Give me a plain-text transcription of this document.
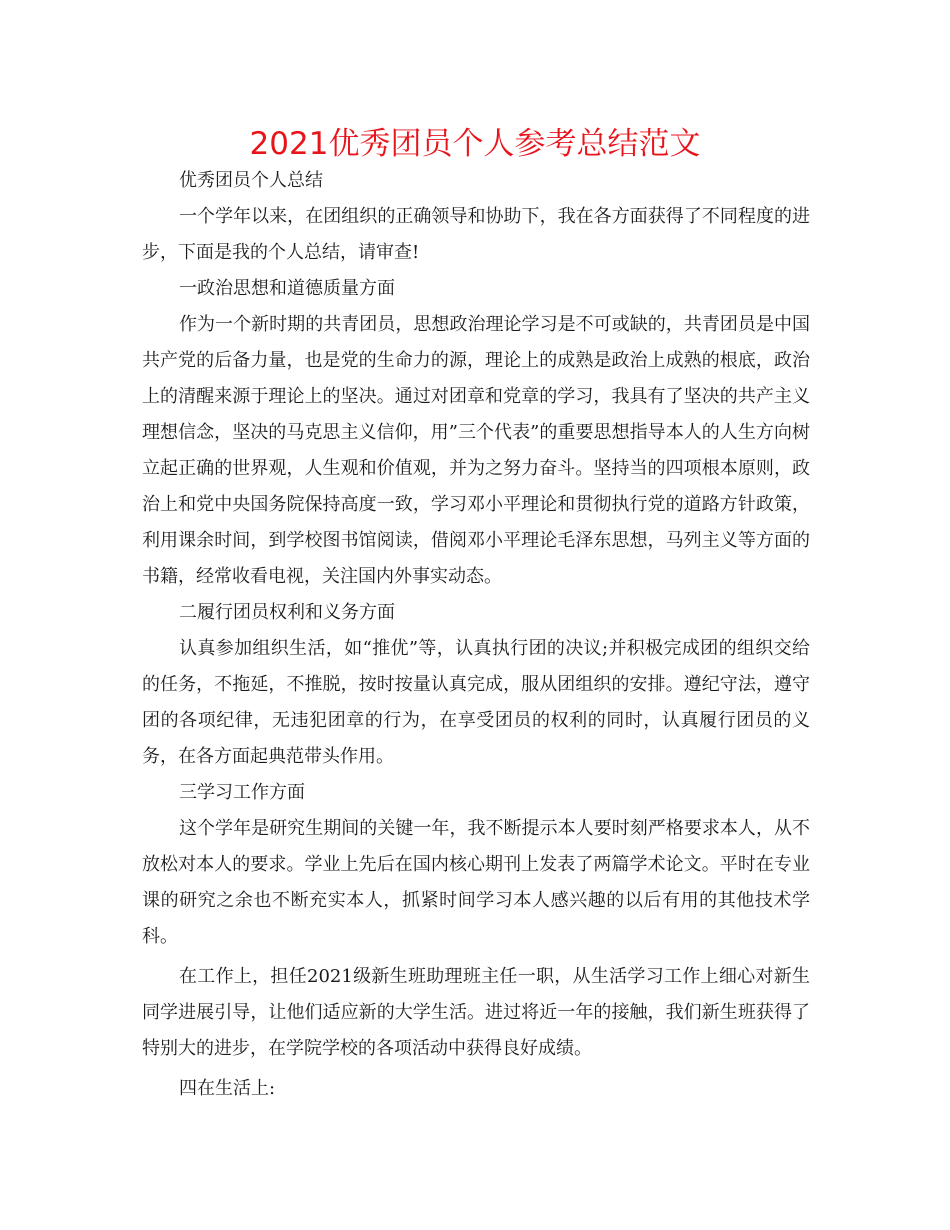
2021优秀团员个人参考总结范文

优秀团员个人总结

一个学年以来，在团组织的正确领导和协助下，我在各方面获得了不同程度的进步，下面是我的个人总结，请审查!

一政治思想和道德质量方面

作为一个新时期的共青团员，思想政治理论学习是不可或缺的，共青团员是中国共产党的后备力量，也是党的生命力的源，理论上的成熟是政治上成熟的根底，政治上的清醒来源于理论上的坚决。通过对团章和党章的学习，我具有了坚决的共产主义理想信念，坚决的马克思主义信仰，用”三个代表”的重要思想指导本人的人生方向树立起正确的世界观，人生观和价值观，并为之努力奋斗。坚持当的四项根本原则，政治上和党中央国务院保持高度一致，学习邓小平理论和贯彻执行党的道路方针政策，利用课余时间，到学校图书馆阅读，借阅邓小平理论毛泽东思想，马列主义等方面的书籍，经常收看电视，关注国内外事实动态。

二履行团员权利和义务方面

认真参加组织生活，如“推优”等，认真执行团的决议;并积极完成团的组织交给的任务，不拖延，不推脱，按时按量认真完成，服从团组织的安排。遵纪守法，遵守团的各项纪律，无违犯团章的行为，在享受团员的权利的同时，认真履行团员的义务，在各方面起典范带头作用。

三学习工作方面

这个学年是研究生期间的关键一年，我不断提示本人要时刻严格要求本人，从不放松对本人的要求。学业上先后在国内核心期刊上发表了两篇学术论文。平时在专业课的研究之余也不断充实本人，抓紧时间学习本人感兴趣的以后有用的其他技术学科。

在工作上，担任2021级新生班助理班主任一职，从生活学习工作上细心对新生同学进展引导，让他们适应新的大学生活。进过将近一年的接触，我们新生班获得了特别大的进步，在学院学校的各项活动中获得良好成绩。

四在生活上:
